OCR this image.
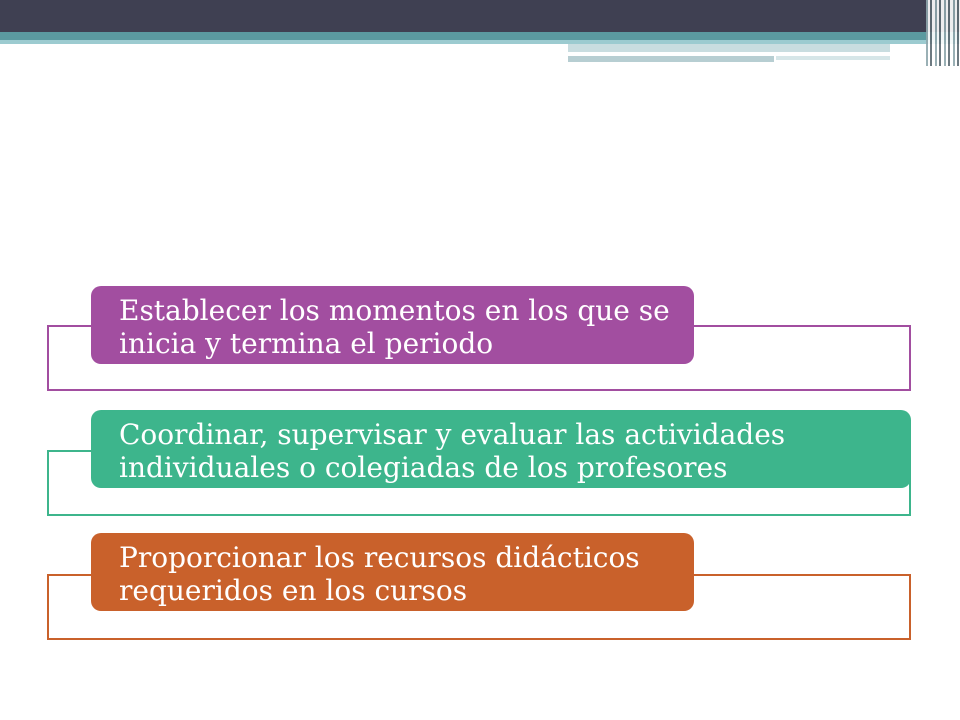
Establecer los momentos en los que se inicia y termina el periodo
Coordinar, supervisar y evaluar las actividades individuales o colegiadas de los profesores
Proporcionar los recursos didácticos requeridos en los cursos
